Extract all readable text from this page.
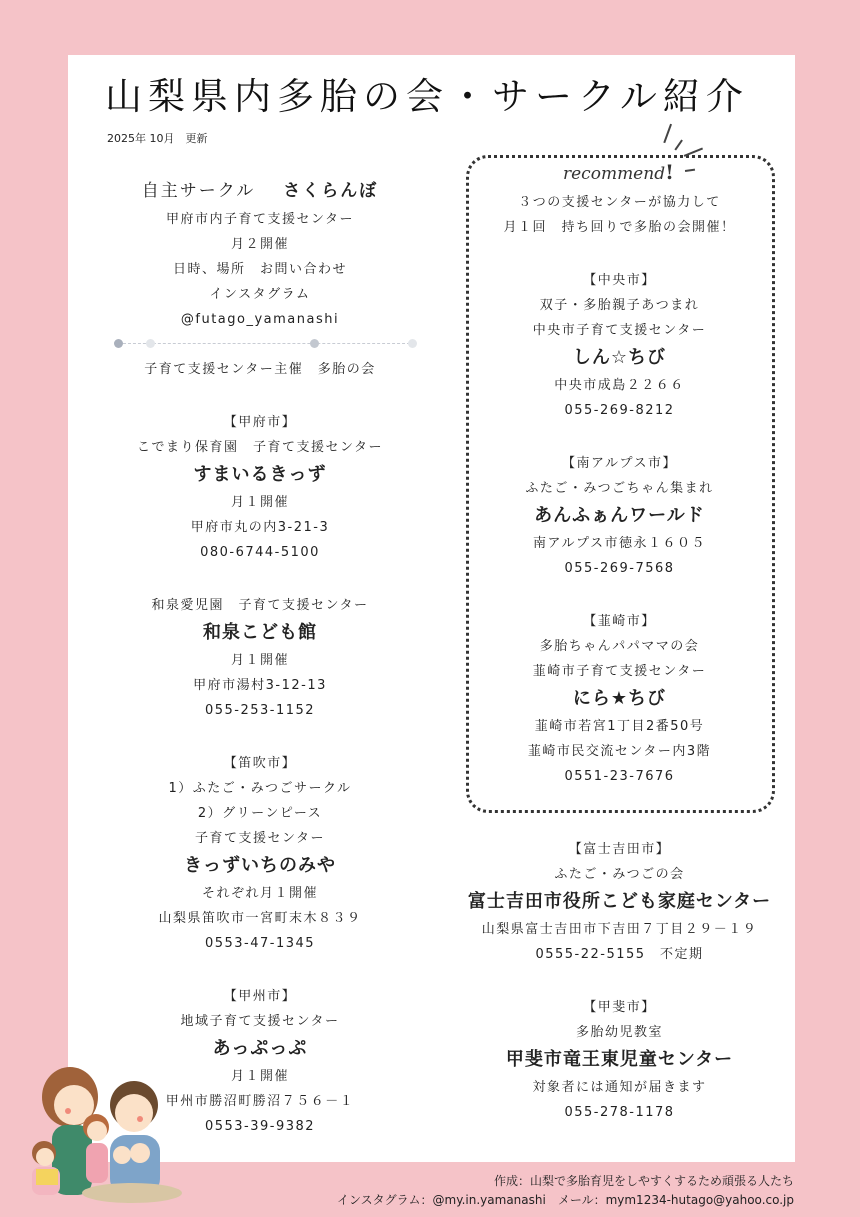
山梨県内多胎の会・サークル紹介
2025年 10月　更新
自主サークル さくらんぼ
甲府市内子育て支援センター
月２開催
日時、場所　お問い合わせ
インスタグラム
@futago_yamanashi
子育て支援センター主催　多胎の会
【甲府市】
こでまり保育園　子育て支援センター
すまいるきっず
月１開催
甲府市丸の内3-21-3
080-6744-5100
和泉愛児園　子育て支援センター
和泉こども館
月１開催
甲府市湯村3-12-13
055-253-1152
【笛吹市】
1）ふたご・みつごサークル
2）グリーンピース
子育て支援センター
きっずいちのみや
それぞれ月１開催
山梨県笛吹市一宮町末木８３９
0553-47-1345
【甲州市】
地域子育て支援センター
あっぷっぷ
月１開催
甲州市勝沼町勝沼７５６－１
0553-39-9382
recommend!
３つの支援センターが協力して
月１回　持ち回りで多胎の会開催！
【中央市】
双子・多胎親子あつまれ
中央市子育て支援センター
しん☆ちび
中央市成島２２６６
055-269-8212
【南アルプス市】
ふたご・みつごちゃん集まれ
あんふぁんワールド
南アルプス市徳永１６０５
055-269-7568
【韮崎市】
多胎ちゃんパパママの会
韮崎市子育て支援センター
にら★ちび
韮崎市若宮1丁目2番50号
韮崎市民交流センター内3階
0551-23-7676
【富士吉田市】
ふたご・みつごの会
富士吉田市役所こども家庭センター
山梨県富士吉田市下吉田７丁目２９－１９
0555-22-5155　不定期
【甲斐市】
多胎幼児教室
甲斐市竜王東児童センター
対象者には通知が届きます
055-278-1178
作成：山梨で多胎育児をしやすくするため頑張る人たち
インスタグラム：@my.in.yamanashi　メール：mym1234-hutago@yahoo.co.jp
